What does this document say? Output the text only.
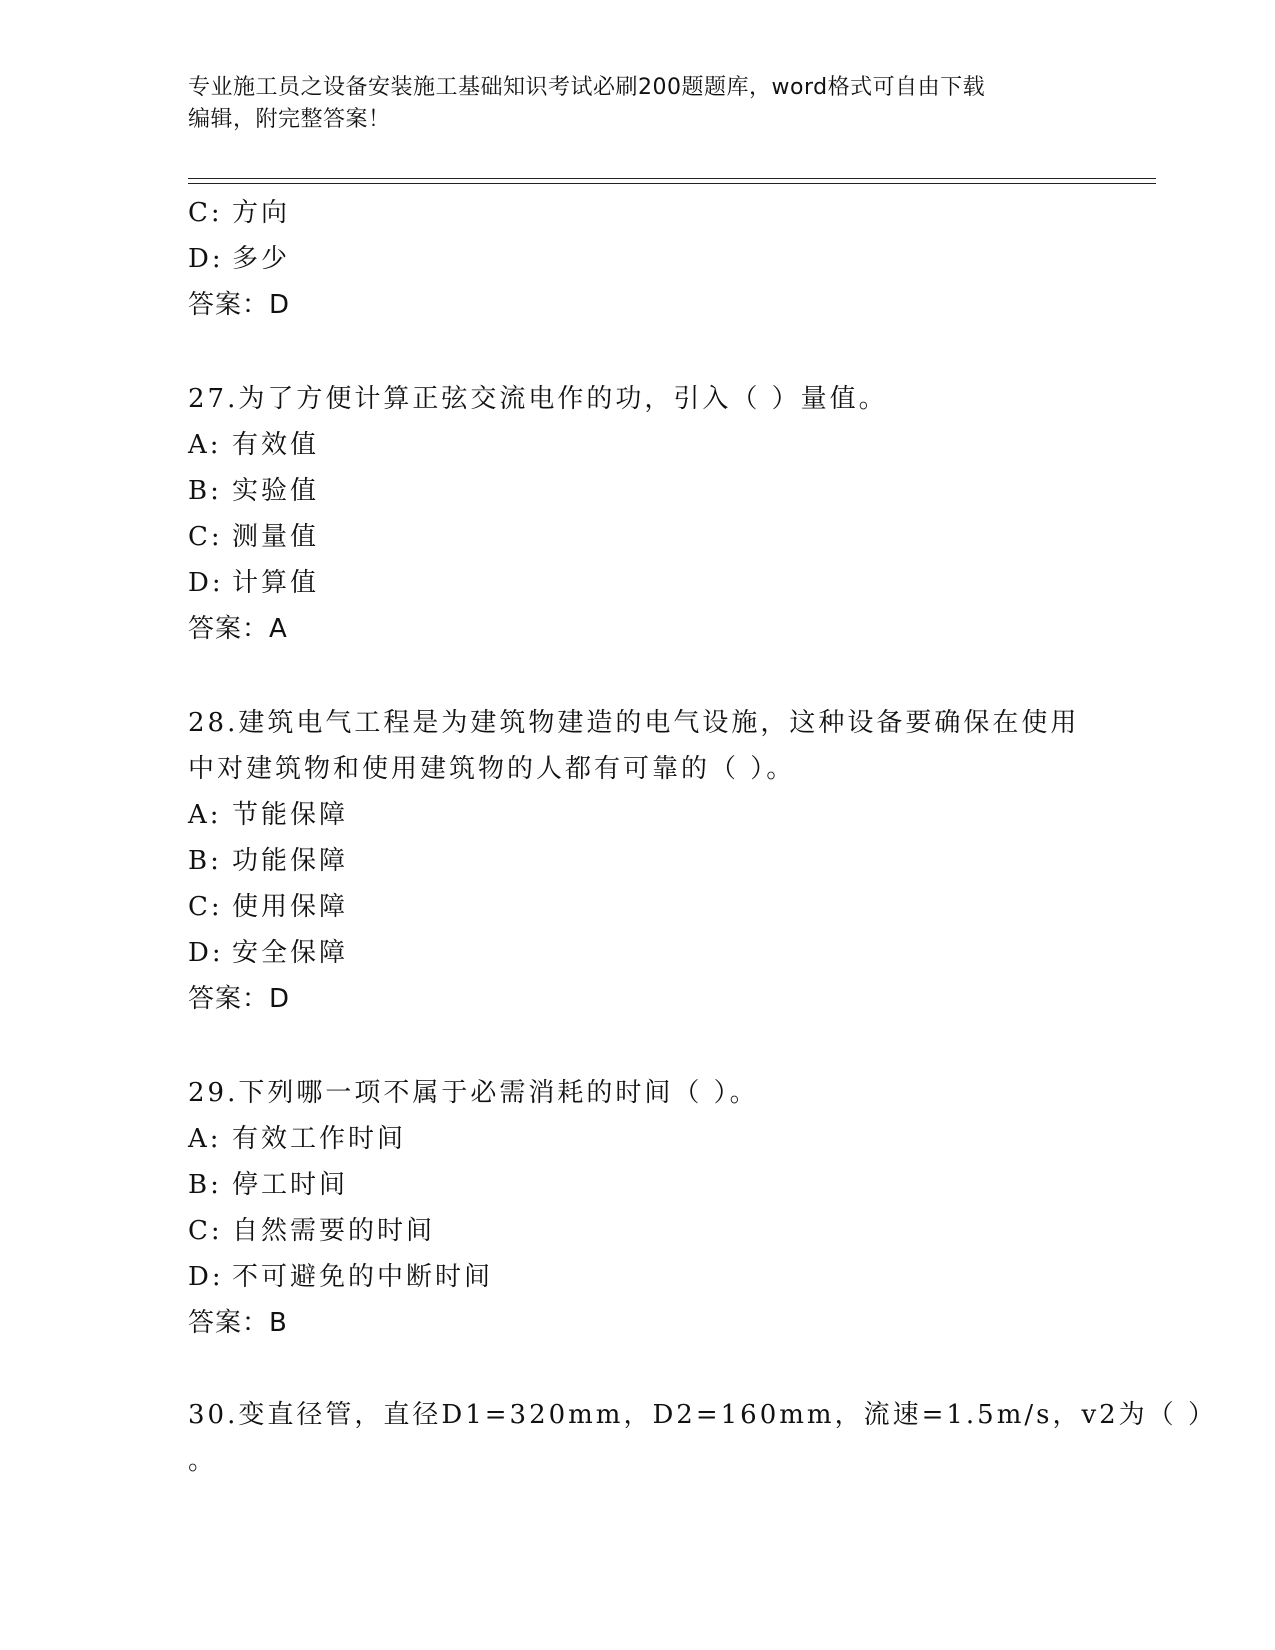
专业施工员之设备安装施工基础知识考试必刷200题题库，word格式可自由下载
编辑，附完整答案！
C: 方向
D: 多少
答案：D
27.为了方便计算正弦交流电作的功，引入（ ）量值。
A: 有效值
B: 实验值
C: 测量值
D: 计算值
答案：A
28.建筑电气工程是为建筑物建造的电气设施，这种设备要确保在使用
中对建筑物和使用建筑物的人都有可靠的（ ）。
A: 节能保障
B: 功能保障
C: 使用保障
D: 安全保障
答案：D
29.下列哪一项不属于必需消耗的时间（ ）。
A: 有效工作时间
B: 停工时间
C: 自然需要的时间
D: 不可避免的中断时间
答案：B
30.变直径管，直径D1=320mm，D2=160mm，流速=1.5m/s，v2为（ ）
。
